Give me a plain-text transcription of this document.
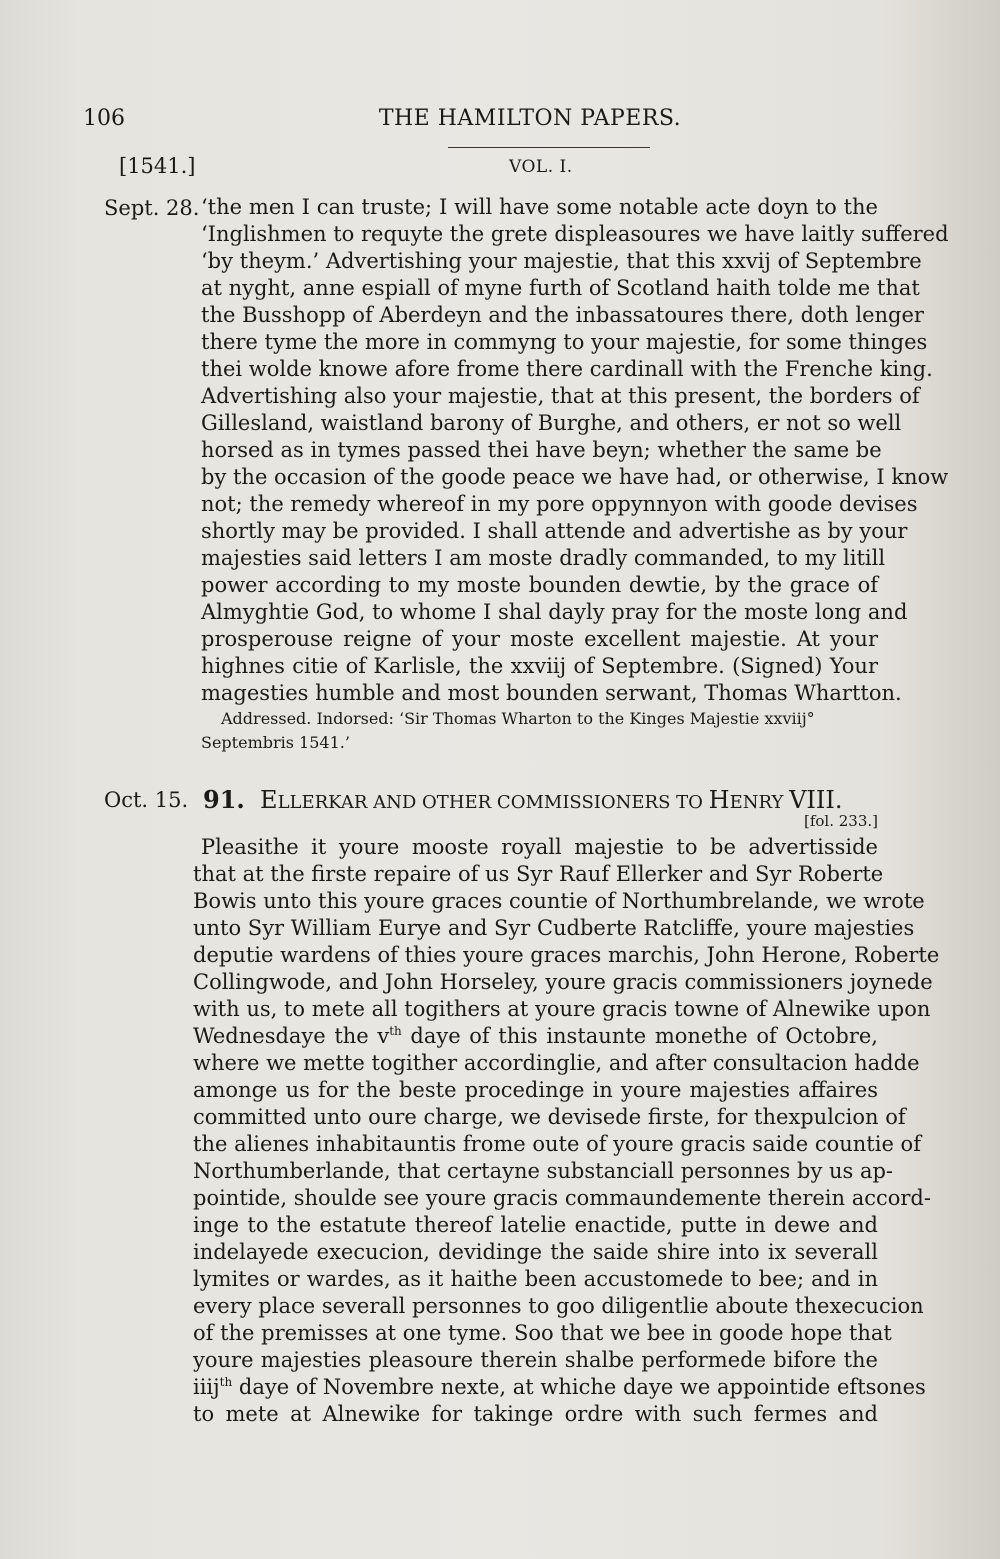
106	THE HAMILTON PAPERS.
[1541.]	VOL. I.
Sept. 28. ‘the men I can truste; I will have some notable acte doyn to the
‘Inglishmen to requyte the grete displeasoures we have laitly suffered
‘by theym.’ Advertishing your majestie, that this xxvij of Septembre
at nyght, anne espiall of myne furth of Scotland haith tolde me that
the Busshopp of Aberdeyn and the inbassatoures there, doth lenger
there tyme the more in commyng to your majestie, for some thinges
thei wolde knowe afore frome there cardinall with the Frenche king.
Advertishing also your majestie, that at this present, the borders of
Gillesland, waistland barony of Burghe, and others, er not so well
horsed as in tymes passed thei have beyn; whether the same be
by the occasion of the goode peace we have had, or otherwise, I know
not; the remedy whereof in my pore oppynnyon with goode devises
shortly may be provided. I shall attende and advertishe as by your
majesties said letters I am moste dradly commanded, to my litill
power according to my moste bounden dewtie, by the grace of
Almyghtie God, to whome I shal dayly pray for the moste long and
prosperouse reigne of your moste excellent majestie. At your
highnes citie of Karlisle, the xxviij of Septembre. (Signed) Your
magesties humble and most bounden serwant, Thomas Whartton.
Addressed. Indorsed: ‘Sir Thomas Wharton to the Kinges Majestie xxviij°
Septembris 1541.’
Oct. 15. 91. ELLERKAR AND OTHER COMMISSIONERS TO HENRY VIII.
[fol. 233.]
Pleasithe it youre mooste royall majestie to be advertisside
that at the firste repaire of us Syr Rauf Ellerker and Syr Roberte
Bowis unto this youre graces countie of Northumbrelande, we wrote
unto Syr William Eurye and Syr Cudberte Ratcliffe, youre majesties
deputie wardens of thies youre graces marchis, John Herone, Roberte
Collingwode, and John Horseley, youre gracis commissioners joynede
with us, to mete all togithers at youre gracis towne of Alnewike upon
Wednesdaye the $v^{th}$ daye of this instaunte monethe of Octobre,
where we mette togither accordinglie, and after consultacion hadde
amonge us for the beste procedinge in youre majesties affaires
committed unto oure charge, we devisede firste, for thexpulcion of
the alienes inhabitauntis frome oute of youre gracis saide countie of
Northumberlande, that certayne substanciall personnes by us ap-
pointide, shoulde see youre gracis commaundemente therein accord-
inge to the estatute thereof latelie enactide, putte in dewe and
indelayede execucion, devidinge the saide shire into ix severall
lymites or wardes, as it haithe been accustomede to bee; and in
every place severall personnes to goo diligentlie aboute thexecucion
of the premisses at one tyme. Soo that we bee in goode hope that
youre majesties pleasoure therein shalbe performede bifore the
iiij$^{th}$ daye of Novembre nexte, at whiche daye we appointide eftsones
to mete at Alnewike for takinge ordre with such fermes and
